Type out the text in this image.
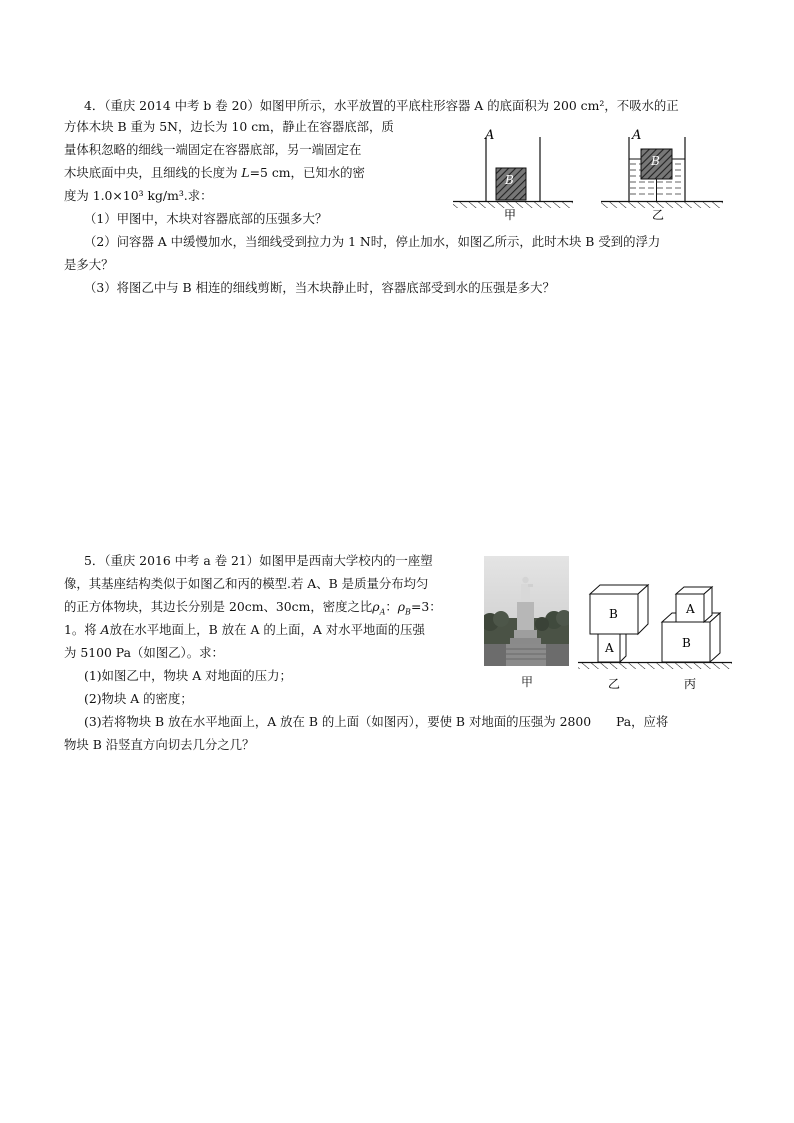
4．（重庆 2014 中考 b 卷 20）如图甲所示，水平放置的平底柱形容器 A 的底面积为 200 cm²，不吸水的正
方体木块 B 重为 5N，边长为 10 cm，静止在容器底部，质
量体积忽略的细线一端固定在容器底部，另一端固定在
木块底面中央，且细线的长度为 L=5 cm，已知水的密
度为 1.0×10³ kg/m³.求：
（1）甲图中，木块对容器底部的压强多大？
（2）问容器 A 中缓慢加水，当细线受到拉力为 1 N时，停止加水，如图乙所示，此时木块 B 受到的浮力
是多大？
（3）将图乙中与 B 相连的细线剪断，当木块静止时，容器底部受到水的压强是多大？
A
B
甲
A
B
乙
5．（重庆 2016 中考 a 卷 21）如图甲是西南大学校内的一座塑
像，其基座结构类似于如图乙和丙的模型.若 A、B 是质量分布均匀
的正方体物块，其边长分别是 20cm、30cm，密度之比$\rho_A$：$\rho_B=3$：
1。将 A放在水平地面上，B 放在 A 的上面，A 对水平地面的压强
为 5100 Pa（如图乙）。求：
(1)如图乙中，物块 A 对地面的压力；
(2)物块 A 的密度；
(3)若将物块 B 放在水平地面上，A 放在 B 的上面（如图丙），要使 B 对地面的压强为 2800　　Pa，应将
物块 B 沿竖直方向切去几分之几？
甲
B
A
A
B
乙	丙
